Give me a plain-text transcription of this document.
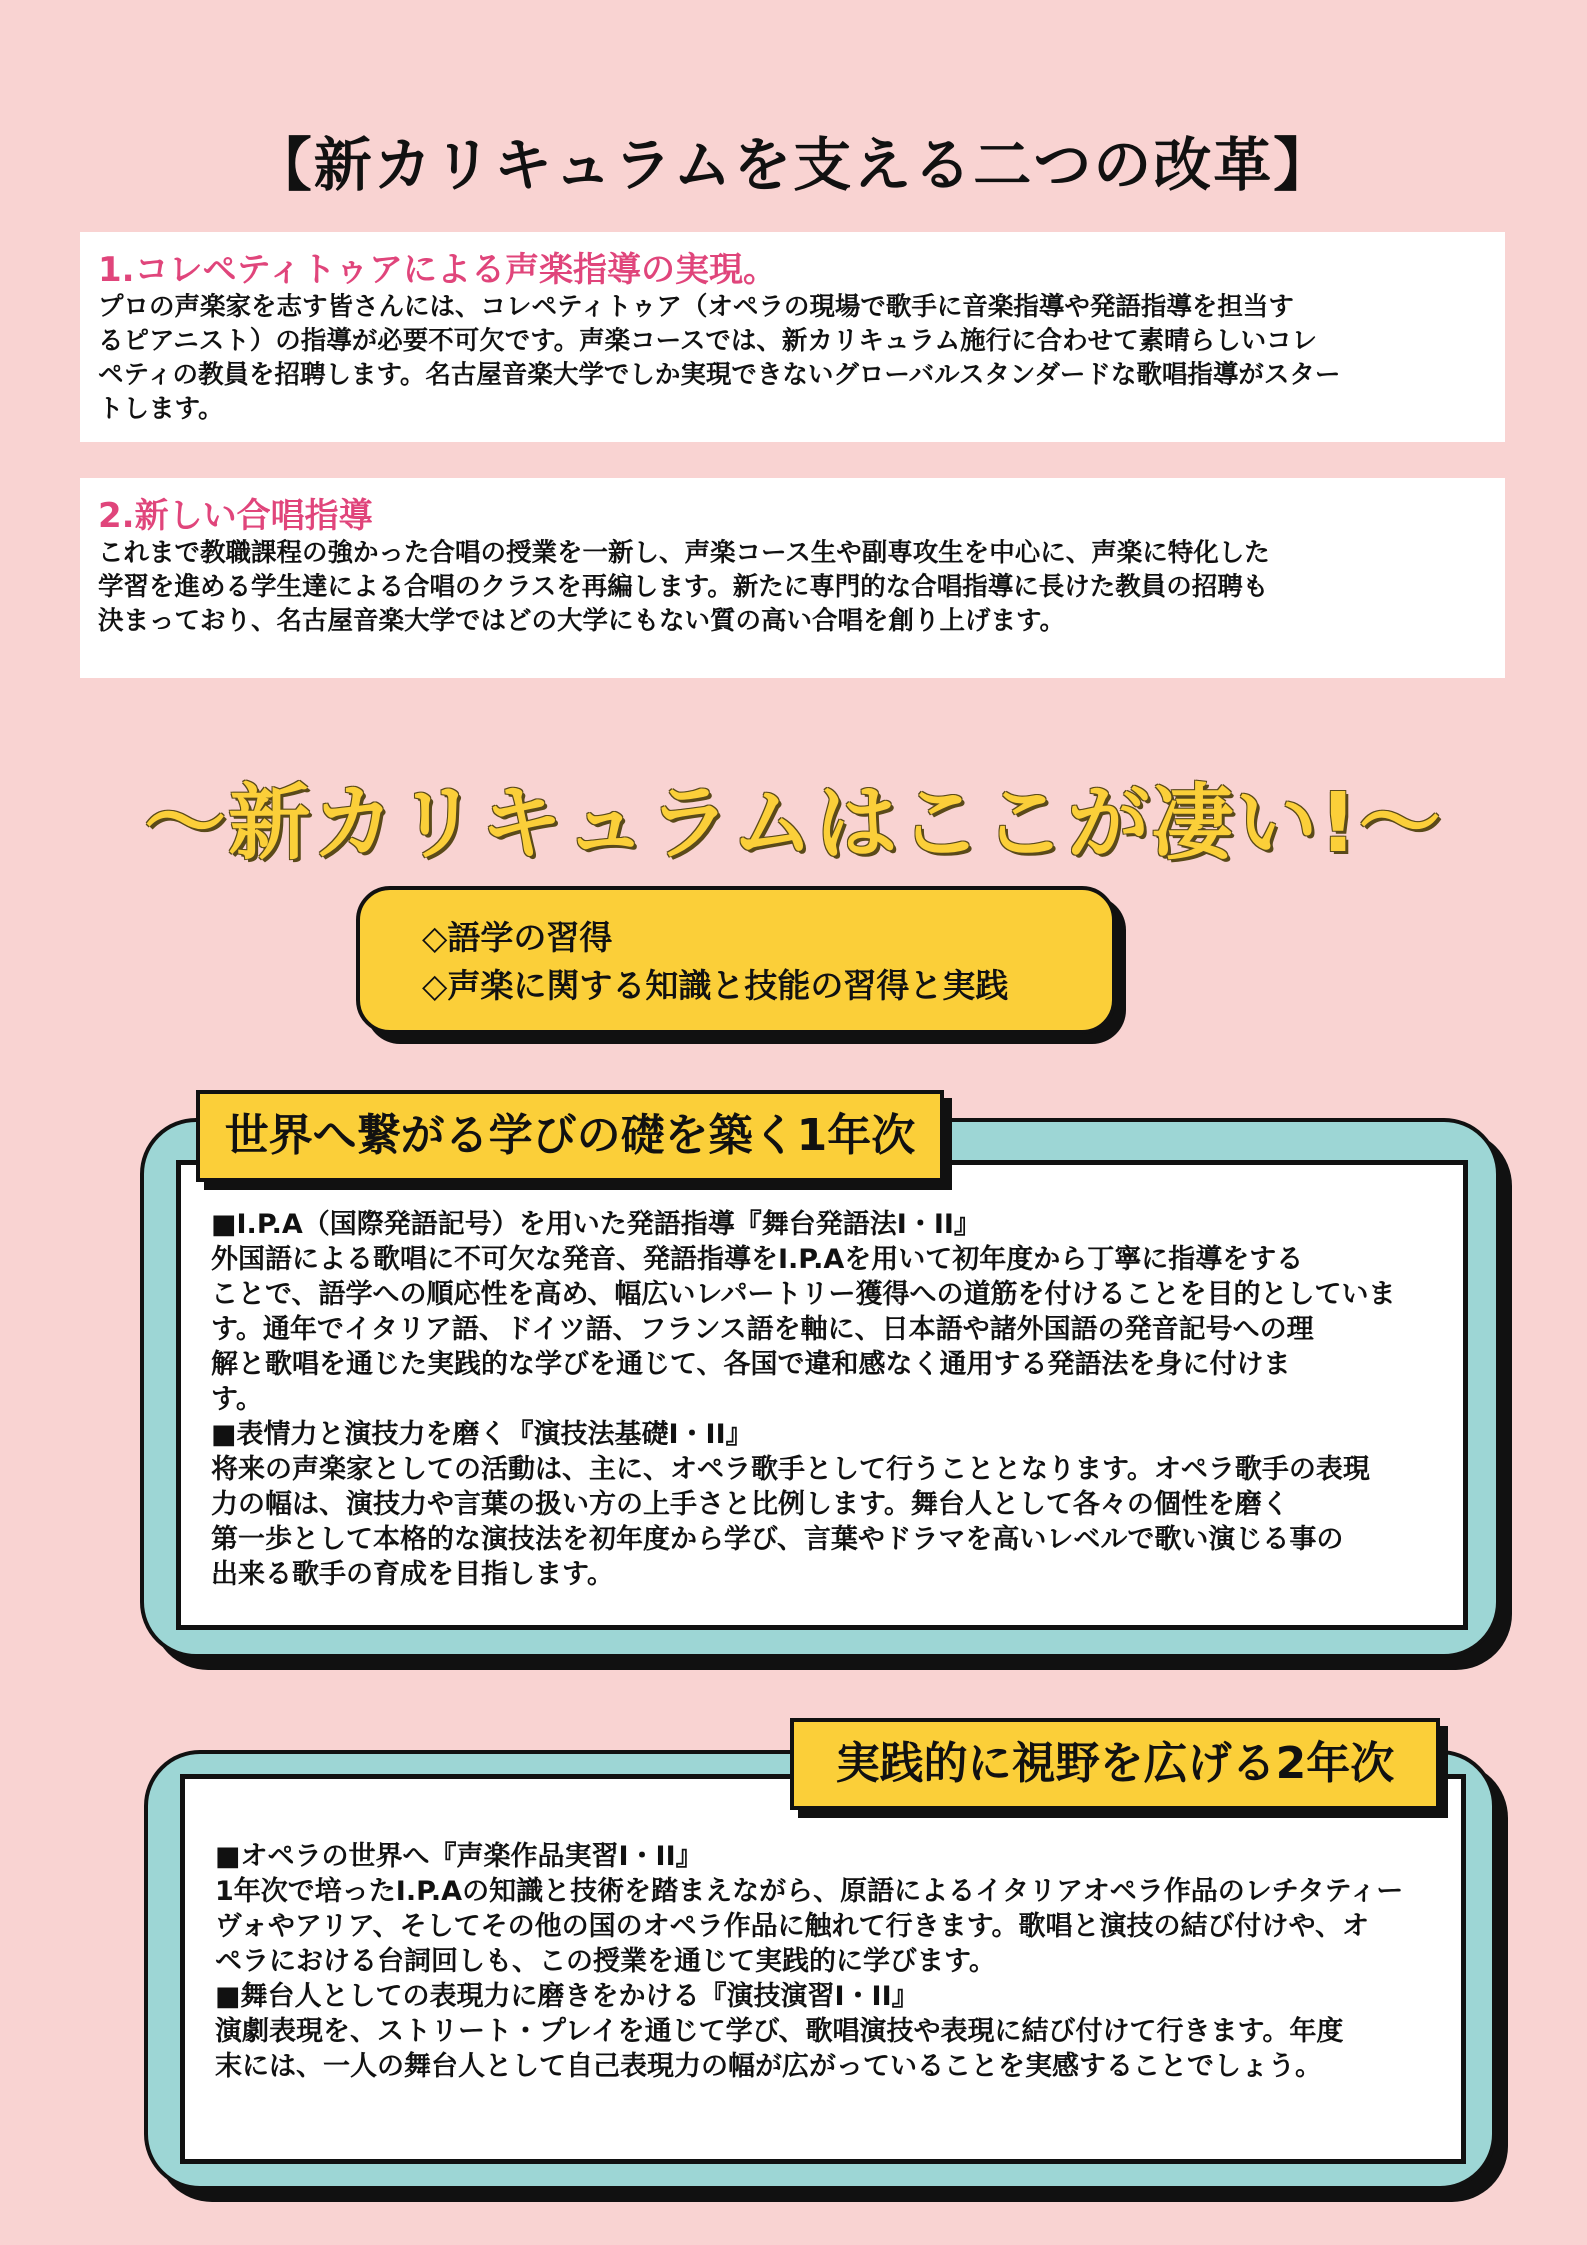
【新カリキュラムを支える二つの改革】
1.コレペティトゥアによる声楽指導の実現。

プロの声楽家を志す皆さんには、コレペティトゥア（オペラの現場で歌手に音楽指導や発語指導を担当す

るピアニスト）の指導が必要不可欠です。声楽コースでは、新カリキュラム施行に合わせて素晴らしいコレ

ペティの教員を招聘します。名古屋音楽大学でしか実現できないグローバルスタンダードな歌唱指導がスター

トします。

2.新しい合唱指導

これまで教職課程の強かった合唱の授業を一新し、声楽コース生や副専攻生を中心に、声楽に特化した

学習を進める学生達による合唱のクラスを再編します。新たに専門的な合唱指導に長けた教員の招聘も

決まっており、名古屋音楽大学ではどの大学にもない質の高い合唱を創り上げます。

〜新カリキュラムはここが凄い!〜
◇語学の習得
◇声楽に関する知識と技能の習得と実践

■I.P.A（国際発語記号）を用いた発語指導『舞台発語法I・II』

外国語による歌唱に不可欠な発音、発語指導をI.P.Aを用いて初年度から丁寧に指導をする

ことで、語学への順応性を高め、幅広いレパートリー獲得への道筋を付けることを目的としていま

す。通年でイタリア語、ドイツ語、フランス語を軸に、日本語や諸外国語の発音記号への理

解と歌唱を通じた実践的な学びを通じて、各国で違和感なく通用する発語法を身に付けま

す。

■表情力と演技力を磨く『演技法基礎I・II』

将来の声楽家としての活動は、主に、オペラ歌手として行うこととなります。オペラ歌手の表現

力の幅は、演技力や言葉の扱い方の上手さと比例します。舞台人として各々の個性を磨く

第一歩として本格的な演技法を初年度から学び、言葉やドラマを高いレベルで歌い演じる事の

出来る歌手の育成を目指します。

世界へ繋がる学びの礎を築く1年次

■オペラの世界へ『声楽作品実習I・II』

1年次で培ったI.P.Aの知識と技術を踏まえながら、原語によるイタリアオペラ作品のレチタティー

ヴォやアリア、そしてその他の国のオペラ作品に触れて行きます。歌唱と演技の結び付けや、オ

ペラにおける台詞回しも、この授業を通じて実践的に学びます。

■舞台人としての表現力に磨きをかける『演技演習I・II』

演劇表現を、ストリート・プレイを通じて学び、歌唱演技や表現に結び付けて行きます。年度

末には、一人の舞台人として自己表現力の幅が広がっていることを実感することでしょう。

実践的に視野を広げる2年次
